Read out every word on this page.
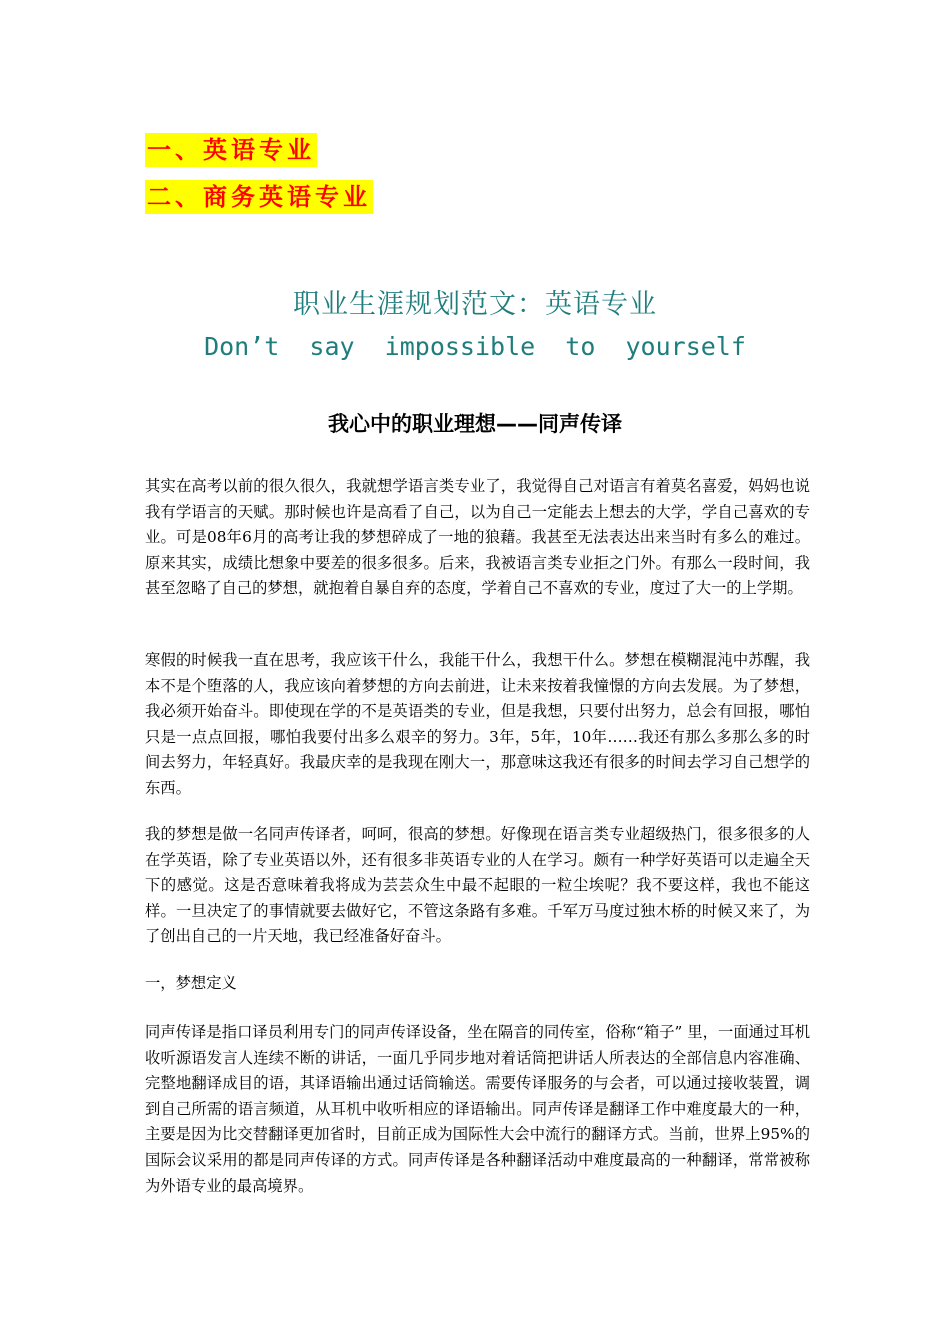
一、英语专业
二、商务英语专业
职业生涯规划范文：英语专业
Don’t  say  impossible  to  yourself
我心中的职业理想——同声传译

其实在高考以前的很久很久，我就想学语言类专业了，我觉得自己对语言有着莫名喜爱，妈妈也说我有学语言的天赋。那时候也许是高看了自己，以为自己一定能去上想去的大学，学自己喜欢的专业。可是08年6月的高考让我的梦想碎成了一地的狼藉。我甚至无法表达出来当时有多么的难过。原来其实，成绩比想象中要差的很多很多。后来，我被语言类专业拒之门外。有那么一段时间，我甚至忽略了自己的梦想，就抱着自暴自弃的态度，学着自己不喜欢的专业，度过了大一的上学期。

寒假的时候我一直在思考，我应该干什么，我能干什么，我想干什么。梦想在模糊混沌中苏醒，我本不是个堕落的人，我应该向着梦想的方向去前进，让未来按着我憧憬的方向去发展。为了梦想，我必须开始奋斗。即使现在学的不是英语类的专业，但是我想，只要付出努力，总会有回报，哪怕只是一点点回报，哪怕我要付出多么艰辛的努力。3年，5年，10年……我还有那么多那么多的时间去努力，年轻真好。我最庆幸的是我现在刚大一，那意味这我还有很多的时间去学习自己想学的东西。

我的梦想是做一名同声传译者，呵呵，很高的梦想。好像现在语言类专业超级热门，很多很多的人在学英语，除了专业英语以外，还有很多非英语专业的人在学习。颇有一种学好英语可以走遍全天下的感觉。这是否意味着我将成为芸芸众生中最不起眼的一粒尘埃呢？我不要这样，我也不能这样。一旦决定了的事情就要去做好它，不管这条路有多难。千军万马度过独木桥的时候又来了，为了创出自己的一片天地，我已经准备好奋斗。

一，梦想定义

同声传译是指口译员利用专门的同声传译设备，坐在隔音的同传室，俗称“箱子” 里，一面通过耳机收听源语发言人连续不断的讲话，一面几乎同步地对着话筒把讲话人所表达的全部信息内容准确、完整地翻译成目的语，其译语输出通过话筒输送。需要传译服务的与会者，可以通过接收装置，调到自己所需的语言频道，从耳机中收听相应的译语输出。同声传译是翻译工作中难度最大的一种，主要是因为比交替翻译更加省时，目前正成为国际性大会中流行的翻译方式。当前，世界上95%的国际会议采用的都是同声传译的方式。同声传译是各种翻译活动中难度最高的一种翻译，常常被称为外语专业的最高境界。
